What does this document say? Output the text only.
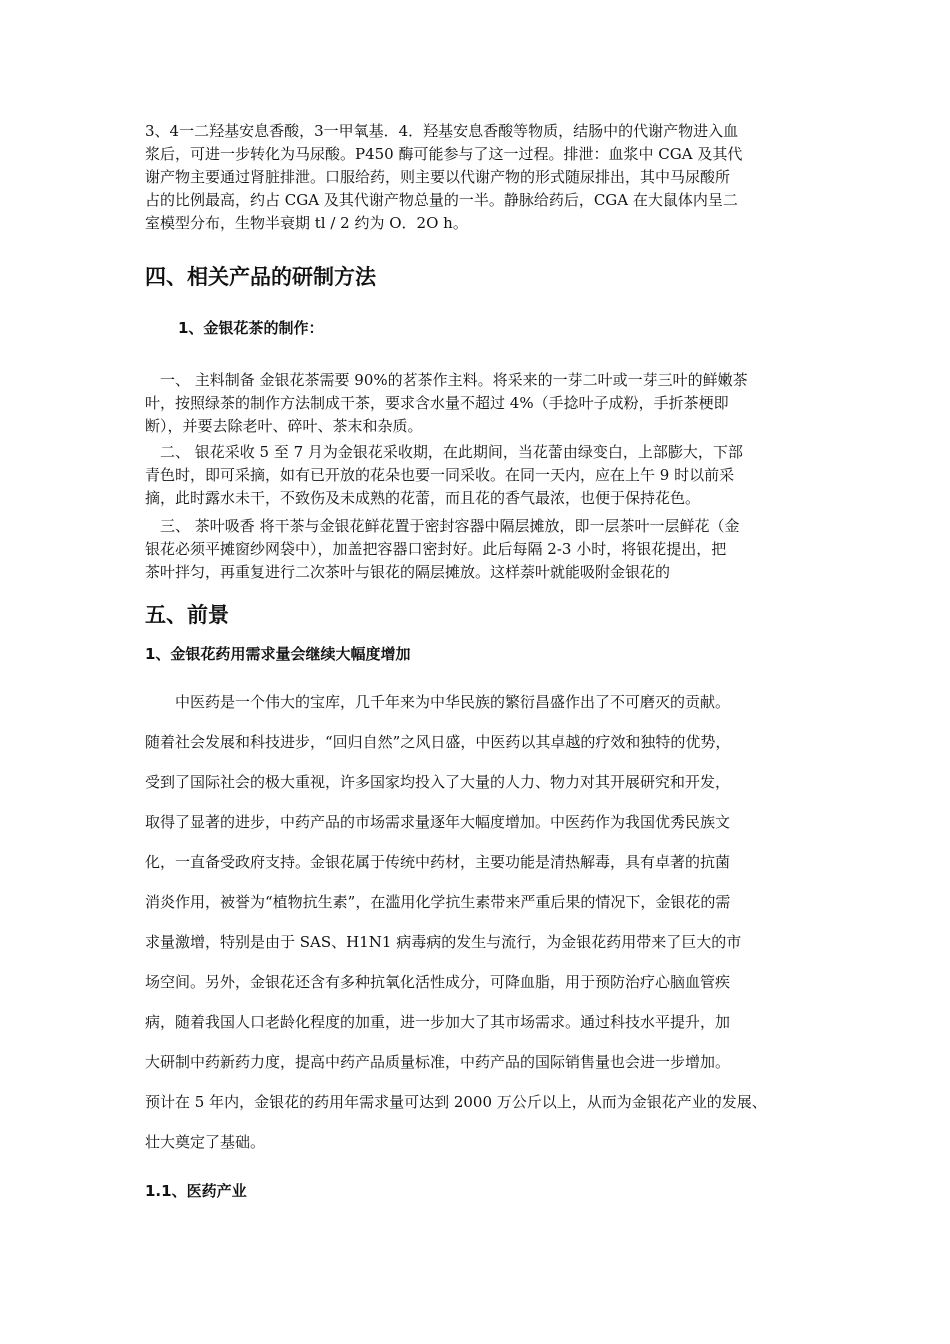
3、4一二羟基安息香酸，3一甲氧基．4．羟基安息香酸等物质，结肠中的代谢产物进入血
浆后，可进一步转化为马尿酸。P450 酶可能参与了这一过程。排泄：血浆中 CGA 及其代
谢产物主要通过肾脏排泄。口服给药，则主要以代谢产物的形式随尿排出，其中马尿酸所
占的比例最高，约占 CGA 及其代谢产物总量的一半。静脉给药后，CGA 在大鼠体内呈二
室模型分布，生物半衰期 tl / 2 约为 O．2O h。
四、相关产品的研制方法
1、金银花茶的制作：
　一、 主料制备 金银花茶需要 90%的茗茶作主料。将采来的一芽二叶或一芽三叶的鲜嫩茶
叶，按照绿茶的制作方法制成干茶，要求含水量不超过 4%（手捻叶子成粉，手折茶梗即
断），并要去除老叶、碎叶、茶末和杂质。
　二、 银花采收 5 至 7 月为金银花采收期，在此期间，当花蕾由绿变白，上部膨大，下部
青色时，即可采摘，如有已开放的花朵也要一同采收。在同一天内，应在上午 9 时以前采
摘，此时露水未干，不致伤及未成熟的花蕾，而且花的香气最浓，也便于保持花色。
　三、 茶叶吸香 将干茶与金银花鲜花置于密封容器中隔层摊放，即一层茶叶一层鲜花（金
银花必须平摊窗纱网袋中），加盖把容器口密封好。此后每隔 2-3 小时，将银花提出，把
茶叶拌匀，再重复进行二次茶叶与银花的隔层摊放。这样萘叶就能吸附金银花的
五、前景
1、金银花药用需求量会继续大幅度增加
　　中医药是一个伟大的宝库，几千年来为中华民族的繁衍昌盛作出了不可磨灭的贡献。
随着社会发展和科技进步，“回归自然”之风日盛，中医药以其卓越的疗效和独特的优势，
受到了国际社会的极大重视，许多国家均投入了大量的人力、物力对其开展研究和开发，
取得了显著的进步，中药产品的市场需求量逐年大幅度增加。中医药作为我国优秀民族文
化，一直备受政府支持。金银花属于传统中药材，主要功能是清热解毒，具有卓著的抗菌
消炎作用，被誉为“植物抗生素”，在滥用化学抗生素带来严重后果的情况下，金银花的需
求量激增，特别是由于 SAS、H1N1 病毒病的发生与流行，为金银花药用带来了巨大的市
场空间。另外，金银花还含有多种抗氧化活性成分，可降血脂，用于预防治疗心脑血管疾
病，随着我国人口老龄化程度的加重，进一步加大了其市场需求。通过科技水平提升，加
大研制中药新药力度，提高中药产品质量标准，中药产品的国际销售量也会进一步增加。
预计在 5 年内，金银花的药用年需求量可达到 2000 万公斤以上，从而为金银花产业的发展、
壮大奠定了基础。
1.1、医药产业
